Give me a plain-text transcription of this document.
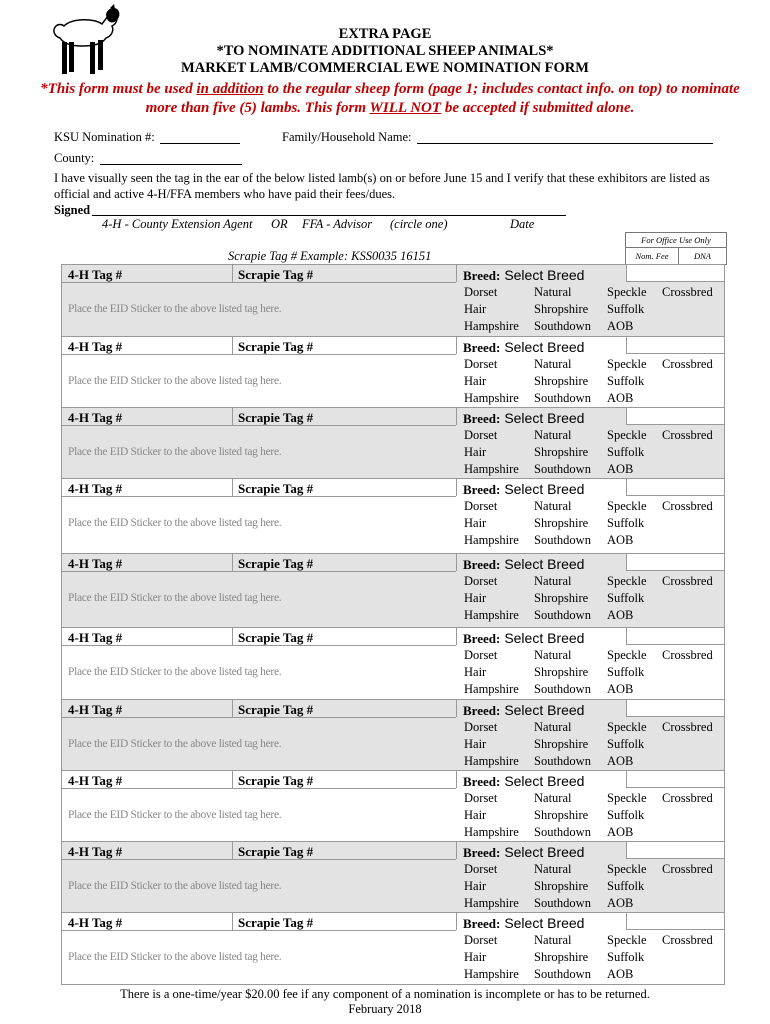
EXTRA PAGE
*TO NOMINATE ADDITIONAL SHEEP ANIMALS*
MARKET LAMB/COMMERCIAL EWE NOMINATION FORM
*This form must be used in addition to the regular sheep form (page 1; includes contact info. on top) to nominate more than five (5) lambs. This form WILL NOT be accepted if submitted alone.
KSU Nomination #:	Family/Household Name:
County:
I have visually seen the tag in the ear of the below listed lamb(s) on or before June 15 and I verify that these exhibitors are listed as official and active 4-H/FFA members who have paid their fees/dues.
Signed
4-H - County Extension Agent OR FFA - Advisor (circle one)	Date
For Office Use Only
Nom. Fee	DNA
Scrapie Tag # Example: KSS0035 16151
4-H Tag #	Scrapie Tag #	Breed: Select Breed
Place the EID Sticker to the above listed tag here.
Dorset	Natural	Speckle Crossbred
Hair	Shropshire Suffolk
Hampshire Southdown AOB
4-H Tag #	Scrapie Tag #	Breed: Select Breed
Place the EID Sticker to the above listed tag here.
Dorset	Natural	Speckle Crossbred
Hair	Shropshire Suffolk
Hampshire Southdown AOB
4-H Tag #	Scrapie Tag #	Breed: Select Breed
Place the EID Sticker to the above listed tag here.
Dorset	Natural	Speckle Crossbred
Hair	Shropshire Suffolk
Hampshire Southdown AOB
4-H Tag #	Scrapie Tag #	Breed: Select Breed
Place the EID Sticker to the above listed tag here.
Dorset	Natural	Speckle Crossbred
Hair	Shropshire Suffolk
Hampshire Southdown AOB
4-H Tag #	Scrapie Tag #	Breed: Select Breed
Place the EID Sticker to the above listed tag here.
Dorset	Natural	Speckle Crossbred
Hair	Shropshire Suffolk
Hampshire Southdown AOB
4-H Tag #	Scrapie Tag #	Breed: Select Breed
Place the EID Sticker to the above listed tag here.
Dorset	Natural	Speckle Crossbred
Hair	Shropshire Suffolk
Hampshire Southdown AOB
4-H Tag #	Scrapie Tag #	Breed: Select Breed
Place the EID Sticker to the above listed tag here.
Dorset	Natural	Speckle Crossbred
Hair	Shropshire Suffolk
Hampshire Southdown AOB
4-H Tag #	Scrapie Tag #	Breed: Select Breed
Place the EID Sticker to the above listed tag here.
Dorset	Natural	Speckle Crossbred
Hair	Shropshire Suffolk
Hampshire Southdown AOB
4-H Tag #	Scrapie Tag #	Breed: Select Breed
Place the EID Sticker to the above listed tag here.
Dorset	Natural	Speckle Crossbred
Hair	Shropshire Suffolk
Hampshire Southdown AOB
4-H Tag #	Scrapie Tag #	Breed: Select Breed
Place the EID Sticker to the above listed tag here.
Dorset	Natural	Speckle Crossbred
Hair	Shropshire Suffolk
Hampshire Southdown AOB
There is a one-time/year $20.00 fee if any component of a nomination is incomplete or has to be returned.
February 2018
